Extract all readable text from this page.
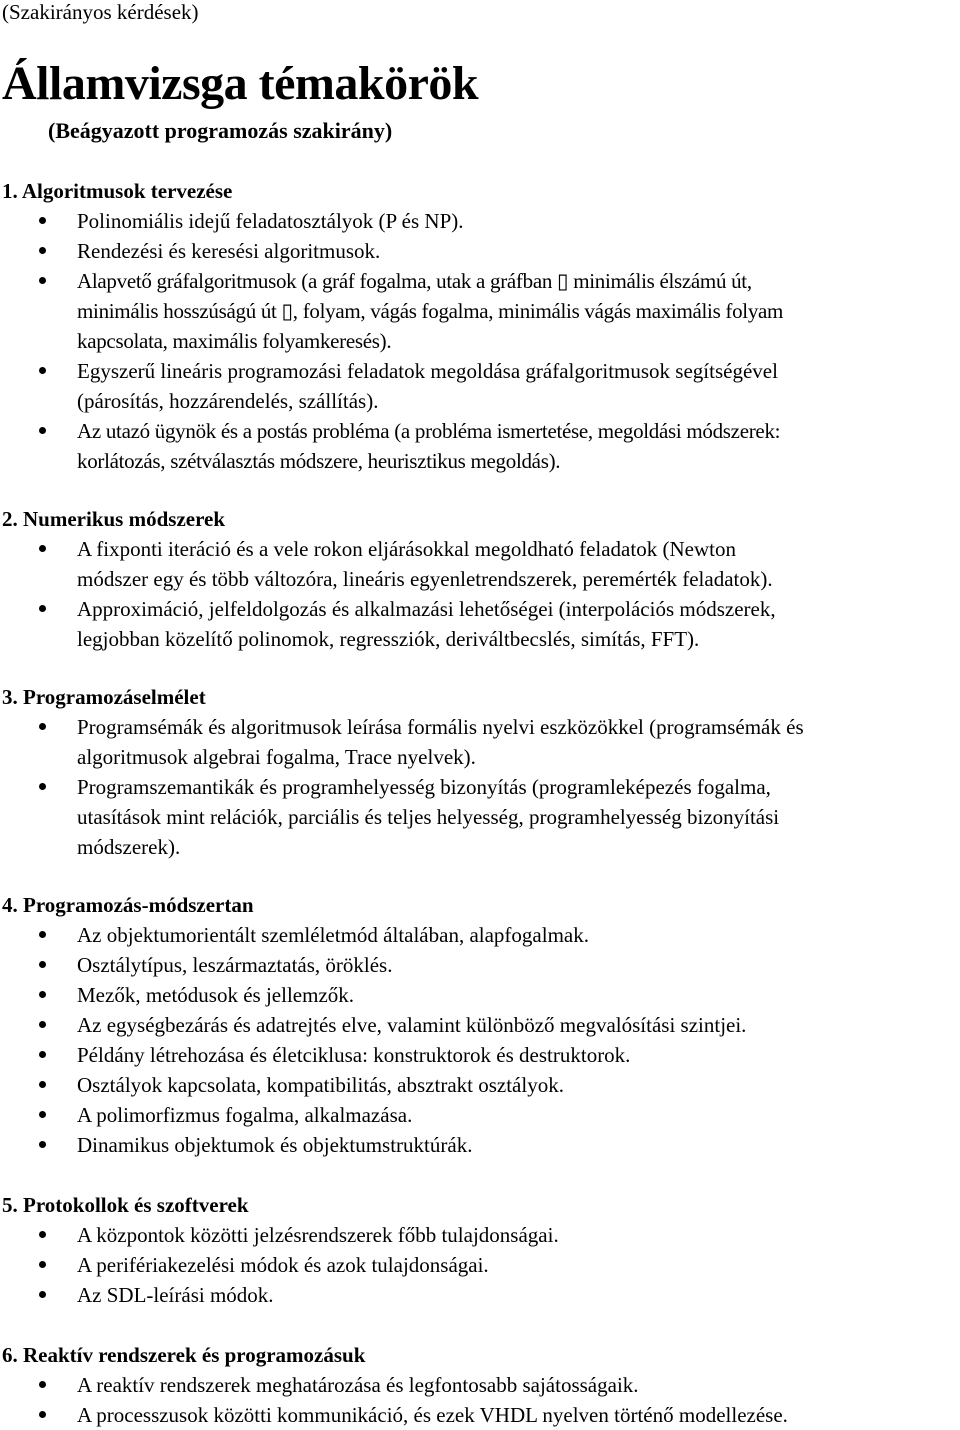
(Szakirányos kérdések)
Államvizsga témakörök
(Beágyazott programozás szakirány)
1. Algoritmusok tervezése
Polinomiális idejű feladatosztályok (P és NP).
Rendezési és keresési algoritmusok.
Alapvető gráfalgoritmusok (a gráf fogalma, utak a gráfban ▯ minimális élszámú út,
minimális hosszúságú út ▯, folyam, vágás fogalma, minimális vágás maximális folyam
kapcsolata, maximális folyamkeresés).
Egyszerű lineáris programozási feladatok megoldása gráfalgoritmusok segítségével
(párosítás, hozzárendelés, szállítás).
Az utazó ügynök és a postás probléma (a probléma ismertetése, megoldási módszerek:
korlátozás, szétválasztás módszere, heurisztikus megoldás).
2. Numerikus módszerek
A fixponti iteráció és a vele rokon eljárásokkal megoldható feladatok (Newton
módszer egy és több változóra, lineáris egyenletrendszerek, peremérték feladatok).
Approximáció, jelfeldolgozás és alkalmazási lehetőségei (interpolációs módszerek,
legjobban közelítő polinomok, regressziók, deriváltbecslés, simítás, FFT).
3. Programozáselmélet
Programsémák és algoritmusok leírása formális nyelvi eszközökkel (programsémák és
algoritmusok algebrai fogalma, Trace nyelvek).
Programszemantikák és programhelyesség bizonyítás (programleképezés fogalma,
utasítások mint relációk, parciális és teljes helyesség, programhelyesség bizonyítási
módszerek).
4. Programozás-módszertan
Az objektumorientált szemléletmód általában, alapfogalmak.
Osztálytípus, leszármaztatás, öröklés.
Mezők, metódusok és jellemzők.
Az egységbezárás és adatrejtés elve, valamint különböző megvalósítási szintjei.
Példány létrehozása és életciklusa: konstruktorok és destruktorok.
Osztályok kapcsolata, kompatibilitás, absztrakt osztályok.
A polimorfizmus fogalma, alkalmazása.
Dinamikus objektumok és objektumstruktúrák.
5. Protokollok és szoftverek
A központok közötti jelzésrendszerek főbb tulajdonságai.
A perifériakezelési módok és azok tulajdonságai.
Az SDL-leírási módok.
6. Reaktív rendszerek és programozásuk
A reaktív rendszerek meghatározása és legfontosabb sajátosságaik.
A processzusok közötti kommunikáció, és ezek VHDL nyelven történő modellezése.
